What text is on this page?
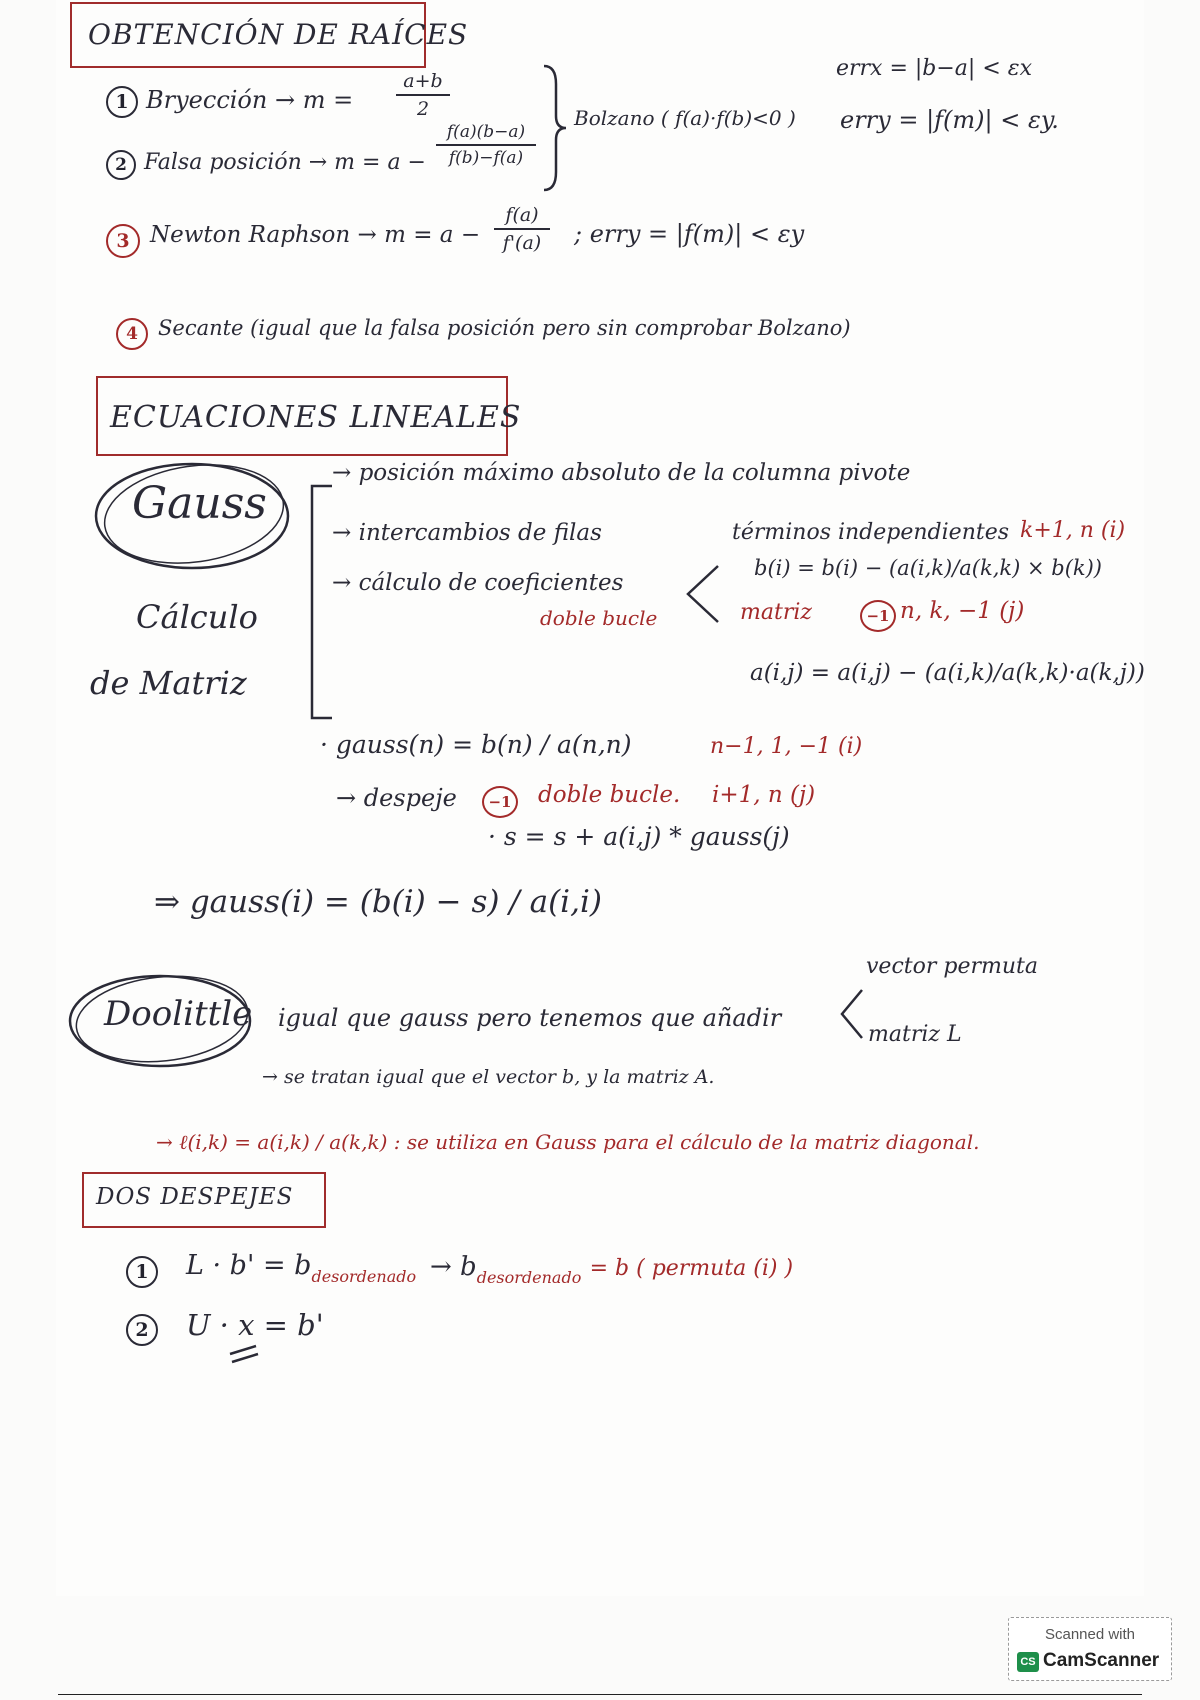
OBTENCIÓN DE RAÍCES
1 Bryección → m =
a+b
2
2 Falsa posición → m = a −
f(a)(b−a)
f(b)−f(a)
Bolzano ( f(a)·f(b)<0 )
errx = |b−a| < εx
erry = |f(m)| < εy.
3 Newton Raphson → m = a −
f(a)
f'(a)	; erry = |f(m)| < εy
4 Secante (igual que la falsa posición pero sin comprobar Bolzano)
ECUACIONES LINEALES
Gauss
Cálculo
de Matriz
→ posición máximo absoluto de la columna pivote
→ intercambios de filas
→ cálculo de coeficientes
doble bucle
términos independientes k+1, n (i)
b(i) = b(i) − (a(i,k)/a(k,k) × b(k))
matriz	−1 n, k, −1 (j)
a(i,j) = a(i,j) − (a(i,k)/a(k,k)·a(k,j))
· gauss(n) = b(n) / a(n,n)	n−1, 1, −1 (i)
→ despeje	−1 doble bucle. i+1, n (j)
· s = s + a(i,j) * gauss(j)
⇒ gauss(i) = (b(i) − s) / a(i,i)
Doolittle igual que gauss pero tenemos que añadir
vector permuta
matriz L
→ se tratan igual que el vector b, y la matriz A.
→ ℓ(i,k) = a(i,k) / a(k,k) : se utiliza en Gauss para el cálculo de la matriz diagonal.
DOS DESPEJES
1	$L \cdot b' = b_{desordenado} \to b_{desordenado} = b$ ( permuta (i) )
2	U · x = b'
Scanned with
CS CamScanner
